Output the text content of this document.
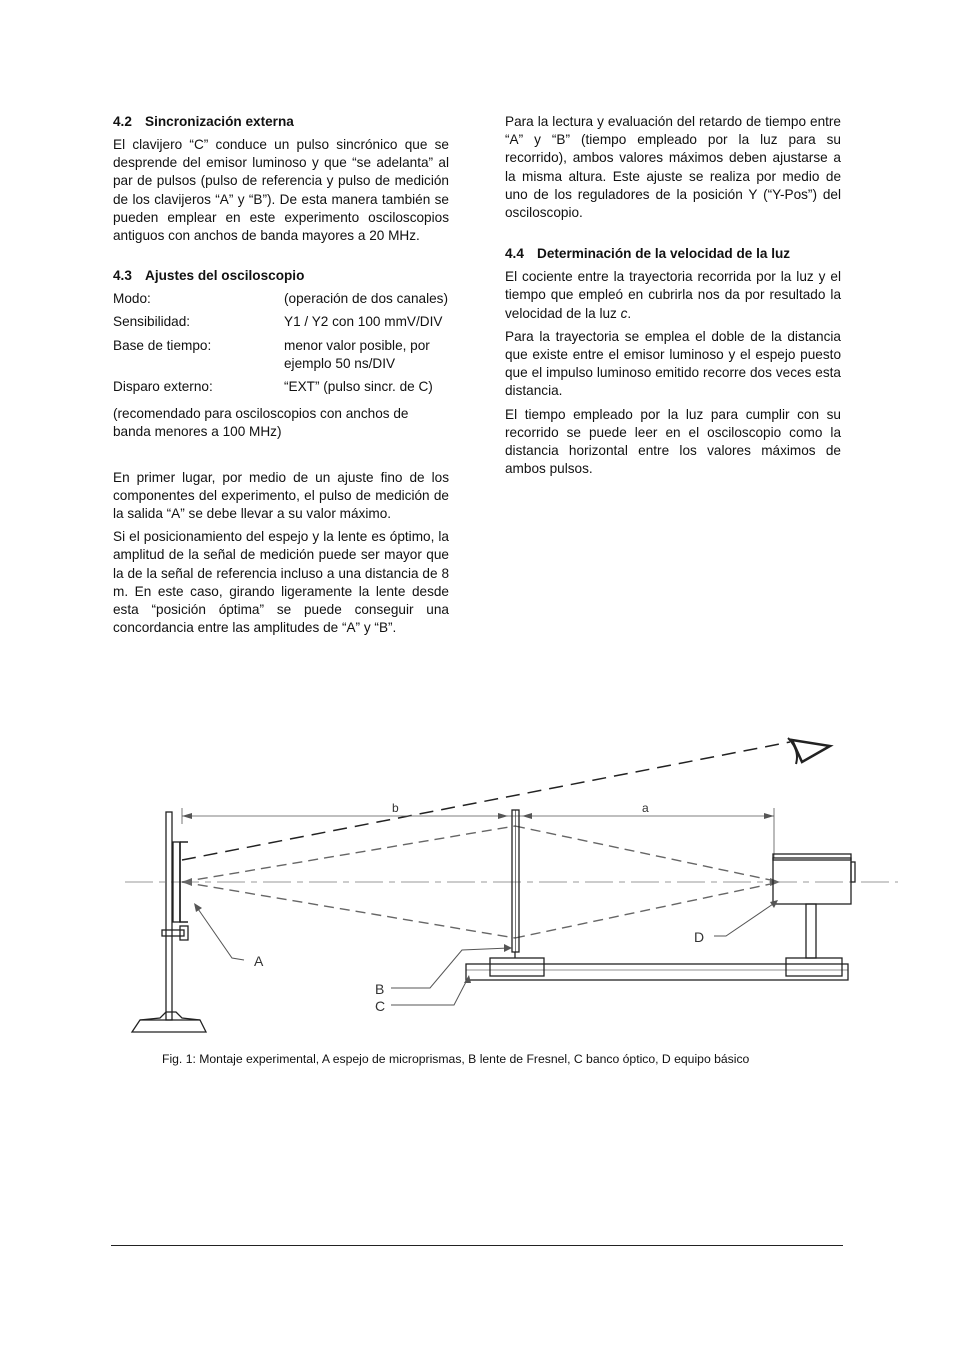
4.2 Sincronización externa

El clavijero “C” conduce un pulso sincrónico que se desprende del emisor luminoso y que “se adelanta” al par de pulsos (pulso de referencia y pulso de medición de los clavijeros “A” y “B”). De esta manera también se pueden emplear en este experimento osciloscopios antiguos con anchos de banda mayores a 20 MHz.

4.3 Ajustes del osciloscopio
Modo:	(operación de dos canales)
Sensibilidad:	Y1 / Y2 con 100 mmV/DIV
Base de tiempo:	menor valor posible, por ejemplo 50 ns/DIV
Disparo externo:	“EXT” (pulso sincr. de C)

(recomendado para osciloscopios con anchos de banda menores a 100 MHz)

En primer lugar, por medio de un ajuste fino de los componentes del experimento, el pulso de medición de la salida “A” se debe llevar a su valor máximo.

Si el posicionamiento del espejo y la lente es óptimo, la amplitud de la señal de medición puede ser mayor que la de la señal de referencia incluso a una distancia de 8 m. En este caso, girando ligeramente la lente desde esta “posición óptima” se puede conseguir una concordancia entre las amplitudes de “A” y “B”.

Para la lectura y evaluación del retardo de tiempo entre “A” y “B” (tiempo empleado por la luz para su recorrido), ambos valores máximos deben ajustarse a la misma altura. Este ajuste se realiza por medio de uno de los reguladores de la posición Y (“Y-Pos”) del osciloscopio.

4.4 Determinación de la velocidad de la luz

El cociente entre la trayectoria recorrida por la luz y el tiempo que empleó en cubrirla nos da por resultado la velocidad de la luz c.

Para la trayectoria se emplea el doble de la distancia que existe entre el emisor luminoso y el espejo puesto que el impulso luminoso emitido recorre dos veces esta distancia.

El tiempo empleado por la luz para cumplir con su recorrido se puede leer en el osciloscopio como la distancia horizontal entre los valores máximos de ambos pulsos.

b	a
A
D
B
C
Fig. 1: Montaje experimental, A espejo de microprismas, B lente de Fresnel, C banco óptico, D equipo básico
